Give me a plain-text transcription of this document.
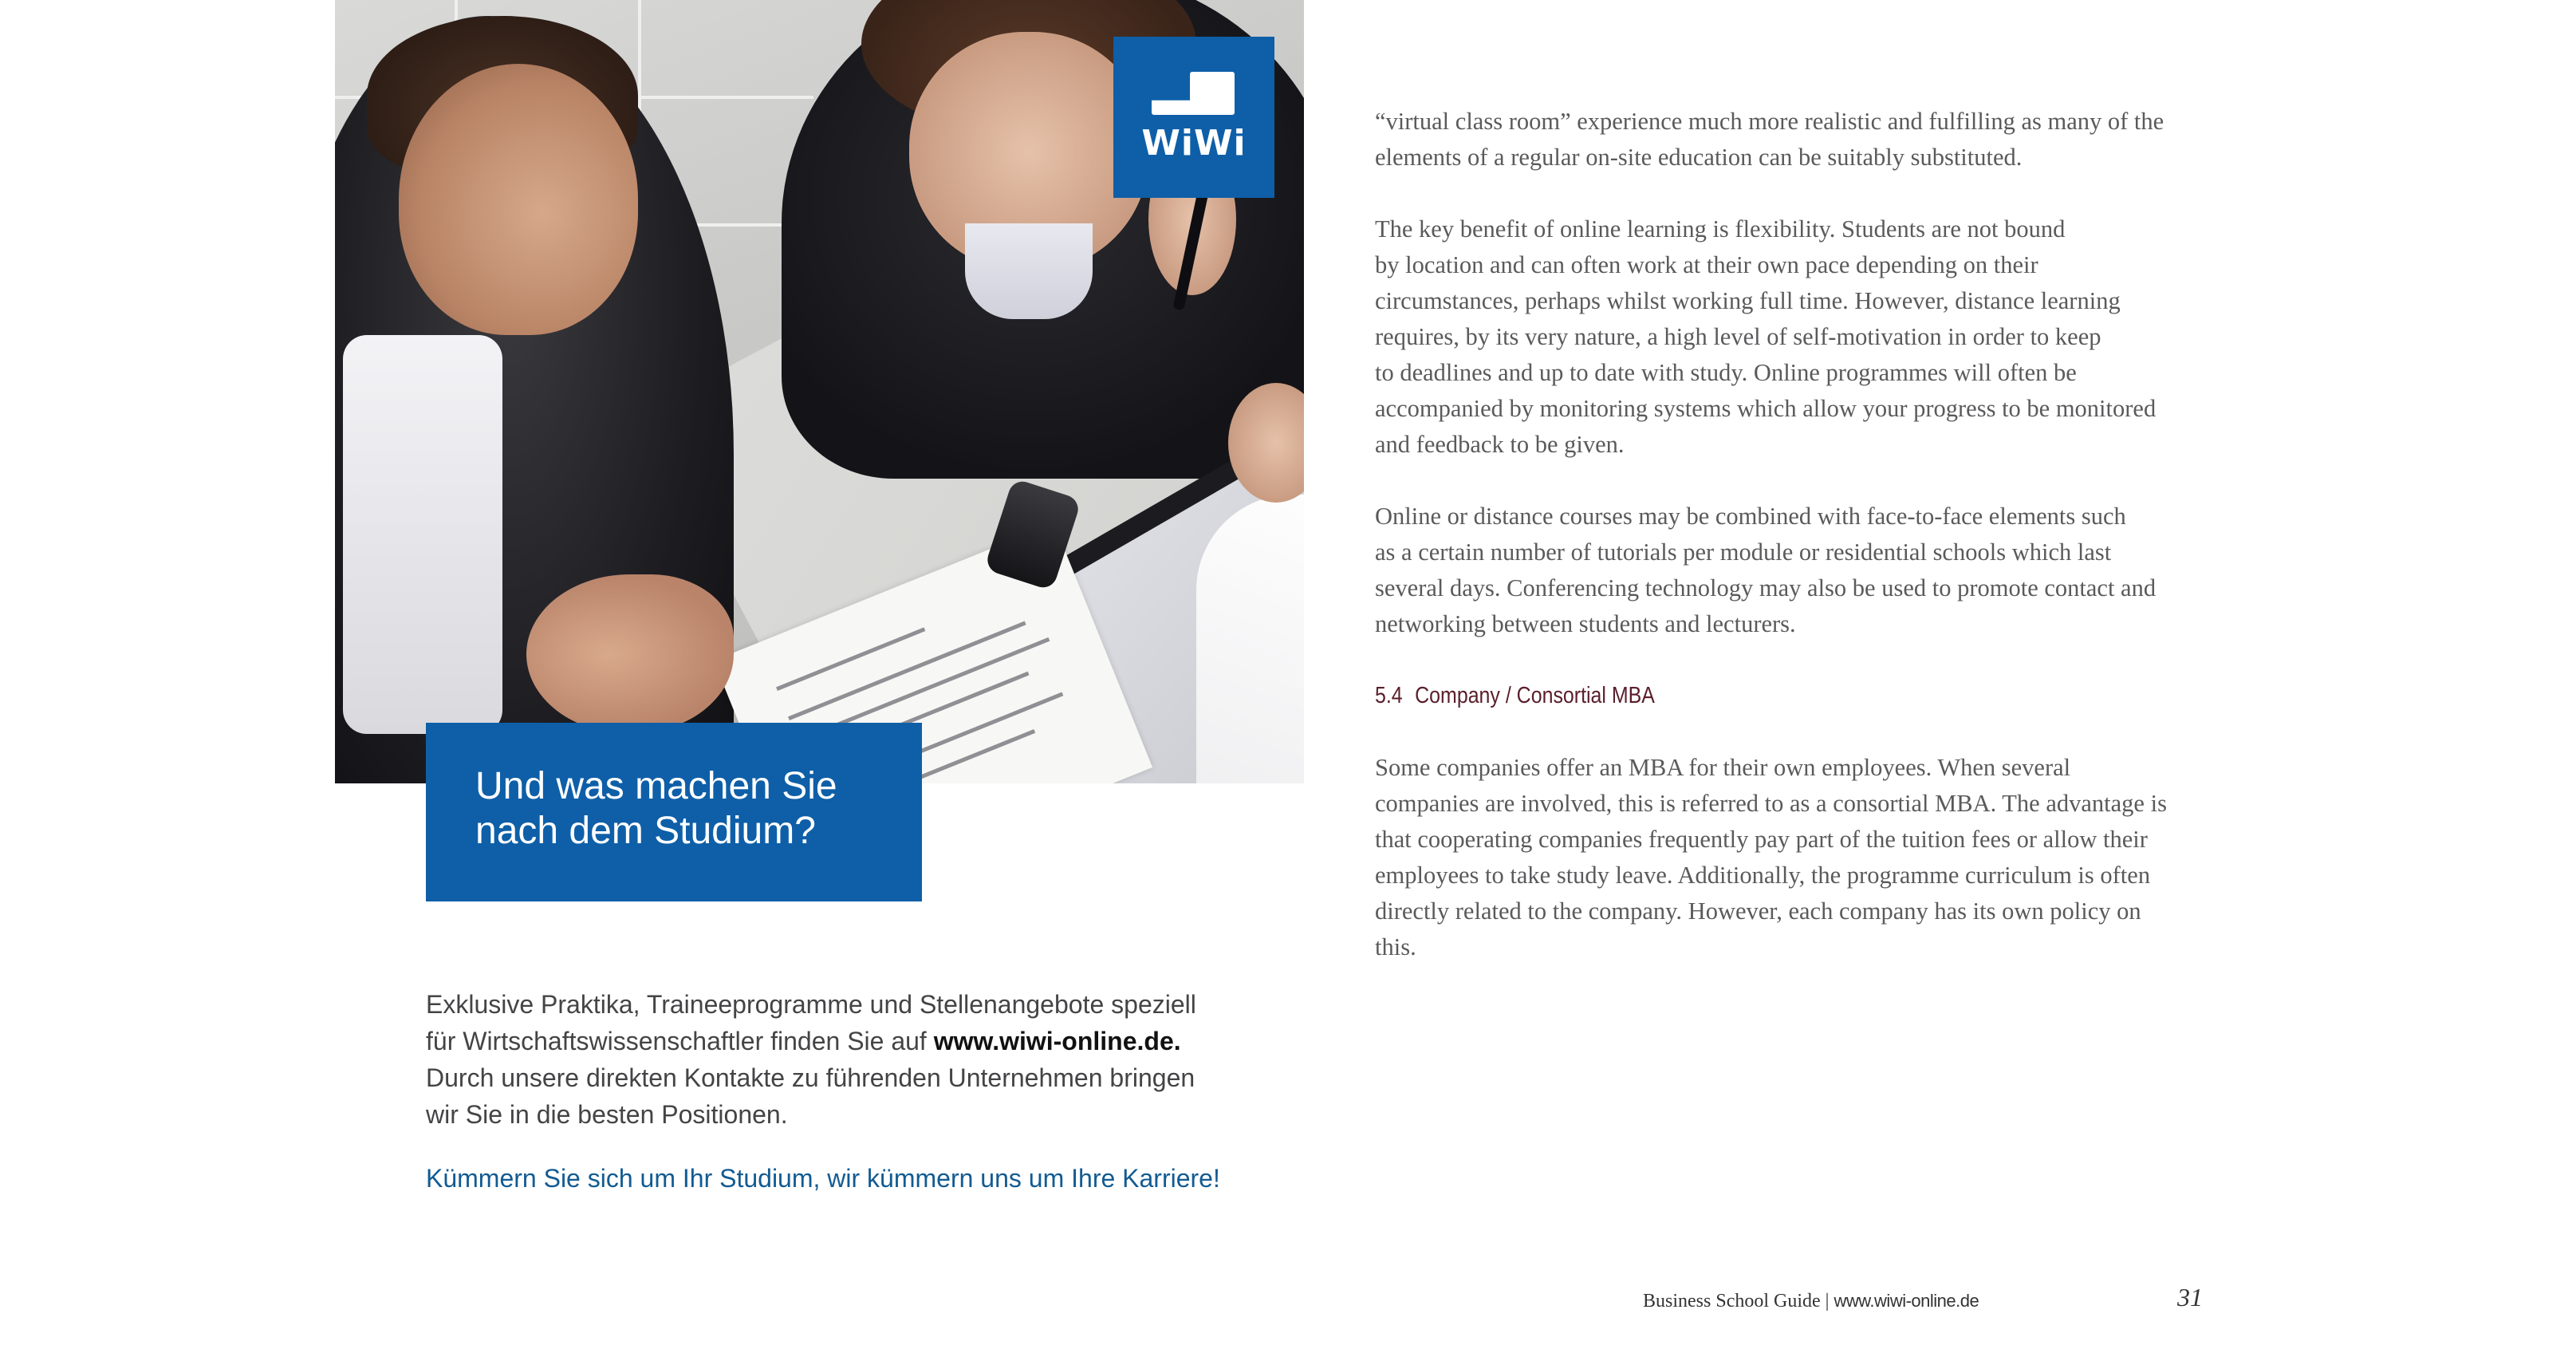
WiWi
Und was machen Sie
nach dem Studium?

Exklusive Praktika, Traineeprogramme und Stellenangebote speziell

für Wirtschaftswissenschaftler finden Sie auf www.wiwi-online.de.

Durch unsere direkten Kontakte zu führenden Unternehmen bringen

wir Sie in die besten Positionen.

Kümmern Sie sich um Ihr Studium, wir kümmern uns um Ihre Karriere!

“virtual class room” experience much more realistic and fulfilling as many of the
elements of a regular on-site education can be suitably substituted.

The key benefit of online learning is flexibility. Students are not bound
by location and can often work at their own pace depending on their
circumstances, perhaps whilst working full time. However, distance learning
requires, by its very nature, a high level of self-motivation in order to keep
to deadlines and up to date with study. Online programmes will often be
accompanied by monitoring systems which allow your progress to be monitored
and feedback to be given.

Online or distance courses may be combined with face-to-face elements such
as a certain number of tutorials per module or residential schools which last
several days. Conferencing technology may also be used to promote contact and
networking between students and lecturers.

5.4 Company / Consortial MBA

Some companies offer an MBA for their own employees. When several
companies are involved, this is referred to as a consortial MBA. The advantage is
that cooperating companies frequently pay part of the tuition fees or allow their
employees to take study leave. Additionally, the programme curriculum is often
directly related to the company. However, each company has its own policy on
this.

Business School Guide | www.wiwi-online.de	31
